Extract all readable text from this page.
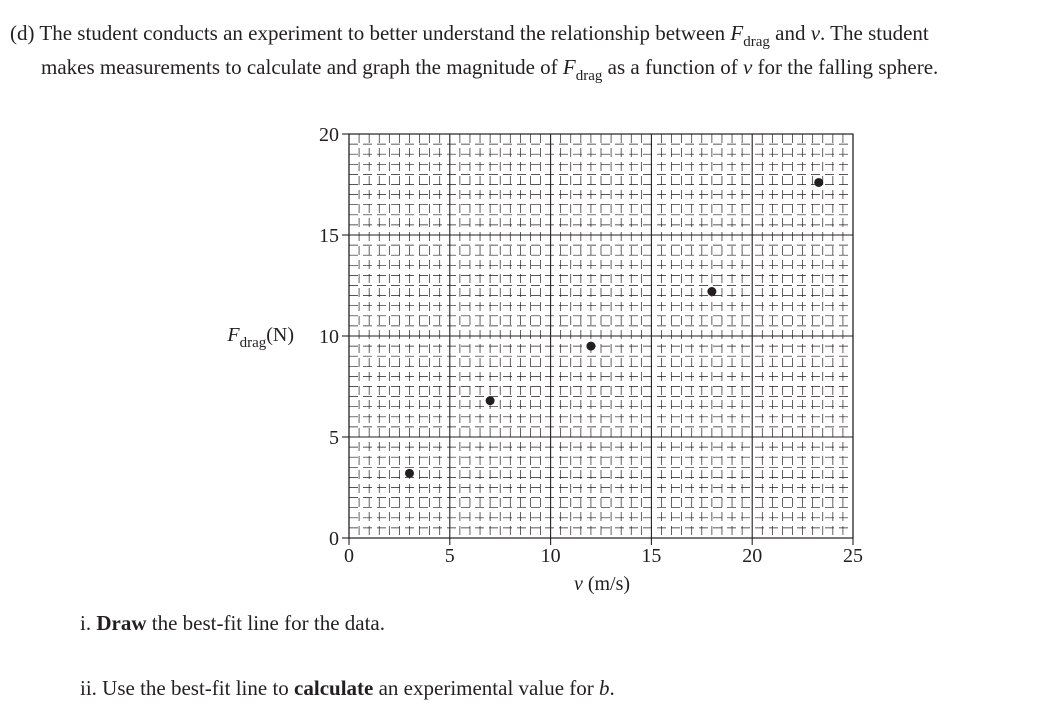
(d) The student conducts an experiment to better understand the relationship between $F_{drag}$ and v. The student
makes measurements to calculate and graph the magnitude of $F_{drag}$ as a function of v for the falling sphere.
0
5
10
15
20
0	5	10	15	20	25
$F_{drag}(N)$
v (m/s)
i. Draw the best-fit line for the data.
ii. Use the best-fit line to calculate an experimental value for b.
